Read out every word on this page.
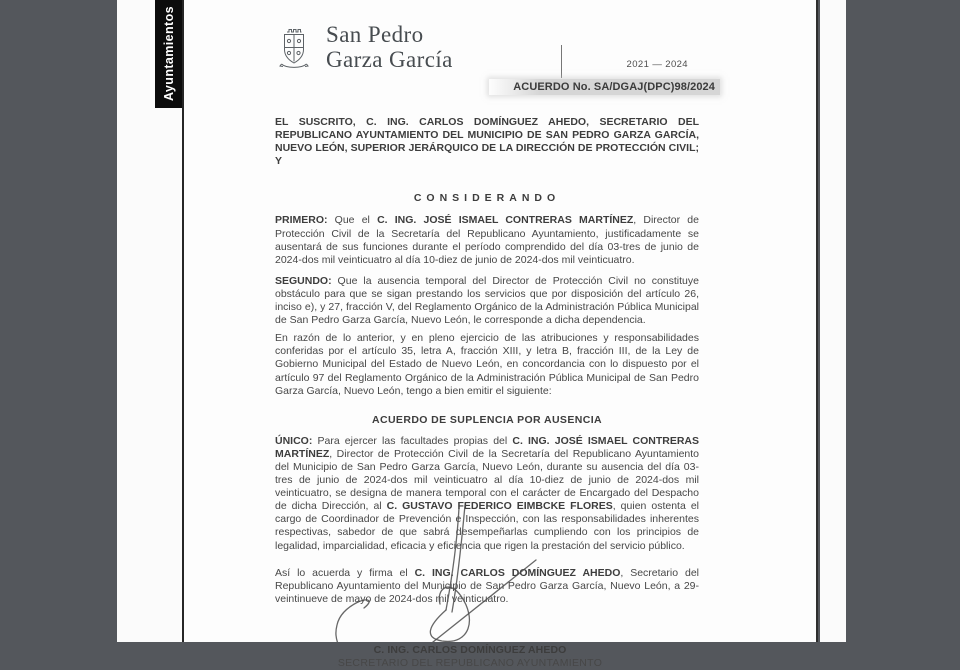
Ayuntamientos	San Pedro
Garza García	2021 — 2024
ACUERDO No. SA/DGAJ(DPC)98/2024

EL SUSCRITO, C. ING. CARLOS DOMÍNGUEZ AHEDO, SECRETARIO DEL REPUBLICANO AYUNTAMIENTO DEL MUNICIPIO DE SAN PEDRO GARZA GARCÍA, NUEVO LEÓN, SUPERIOR JERÁRQUICO DE LA DIRECCIÓN DE PROTECCIÓN CIVIL; Y

CONSIDERANDO

PRIMERO: Que el C. ING. JOSÉ ISMAEL CONTRERAS MARTÍNEZ, Director de Protección Civil de la Secretaría del Republicano Ayuntamiento, justificadamente se ausentará de sus funciones durante el período comprendido del día 03-tres de junio de 2024-dos mil veinticuatro al día 10-diez de junio de 2024-dos mil veinticuatro.

SEGUNDO: Que la ausencia temporal del Director de Protección Civil no constituye obstáculo para que se sigan prestando los servicios que por disposición del artículo 26, inciso e), y 27, fracción V, del Reglamento Orgánico de la Administración Pública Municipal de San Pedro Garza García, Nuevo León, le corresponde a dicha dependencia.

En razón de lo anterior, y en pleno ejercicio de las atribuciones y responsabilidades conferidas por el artículo 35, letra A, fracción XIII, y letra B, fracción III, de la Ley de Gobierno Municipal del Estado de Nuevo León, en concordancia con lo dispuesto por el artículo 97 del Reglamento Orgánico de la Administración Pública Municipal de San Pedro Garza García, Nuevo León, tengo a bien emitir el siguiente:

ACUERDO DE SUPLENCIA POR AUSENCIA

ÚNICO: Para ejercer las facultades propias del C. ING. JOSÉ ISMAEL CONTRERAS MARTÍNEZ, Director de Protección Civil de la Secretaría del Republicano Ayuntamiento del Municipio de San Pedro Garza García, Nuevo León, durante su ausencia del día 03-tres de junio de 2024-dos mil veinticuatro al día 10-diez de junio de 2024-dos mil veinticuatro, se designa de manera temporal con el carácter de Encargado del Despacho de dicha Dirección, al C. GUSTAVO FEDERICO EIMBCKE FLORES, quien ostenta el cargo de Coordinador de Prevención e Inspección, con las responsabilidades inherentes respectivas, sabedor de que sabrá desempeñarlas cumpliendo con los principios de legalidad, imparcialidad, eficacia y eficiencia que rigen la prestación del servicio público.

Así lo acuerda y firma el C. ING. CARLOS DOMÍNGUEZ AHEDO, Secretario del Republicano Ayuntamiento del Municipio de San Pedro Garza García, Nuevo León, a 29-veintinueve de mayo de 2024-dos mil veinticuatro.

C. ING. CARLOS DOMÍNGUEZ AHEDO
SECRETARIO DEL REPUBLICANO AYUNTAMIENTO
